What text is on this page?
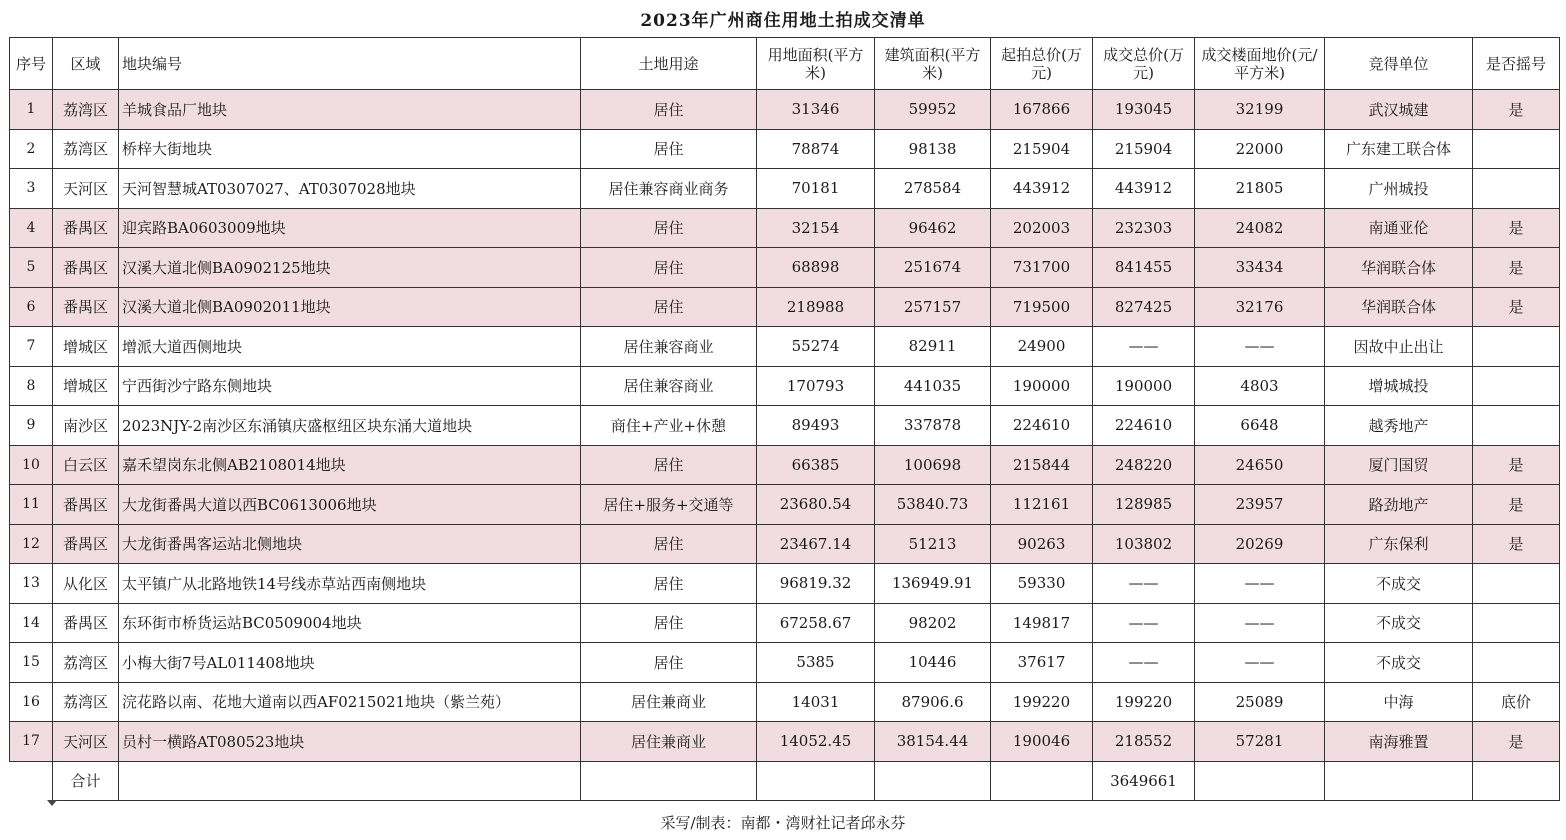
2023年广州商住用地土拍成交清单
序号	区域	地块编号	土地用途	用地面积(平方米)	建筑面积(平方米)	起拍总价(万元)	成交总价(万元)	成交楼面地价(元/平方米)	竞得单位	是否摇号
1	荔湾区	羊城食品厂地块	居住	31346	59952	167866	193045	32199	武汉城建	是
2	荔湾区	桥梓大街地块	居住	78874	98138	215904	215904	22000	广东建工联合体	
3	天河区	天河智慧城AT0307027、AT0307028地块	居住兼容商业商务	70181	278584	443912	443912	21805	广州城投	
4	番禺区	迎宾路BA0603009地块	居住	32154	96462	202003	232303	24082	南通亚伦	是
5	番禺区	汉溪大道北侧BA0902125地块	居住	68898	251674	731700	841455	33434	华润联合体	是
6	番禺区	汉溪大道北侧BA0902011地块	居住	218988	257157	719500	827425	32176	华润联合体	是
7	增城区	增派大道西侧地块	居住兼容商业	55274	82911	24900	——	——	因故中止出让	
8	增城区	宁西街沙宁路东侧地块	居住兼容商业	170793	441035	190000	190000	4803	增城城投	
9	南沙区	2023NJY-2南沙区东涌镇庆盛枢纽区块东涌大道地块	商住+产业+休憩	89493	337878	224610	224610	6648	越秀地产	
10	白云区	嘉禾望岗东北侧AB2108014地块	居住	66385	100698	215844	248220	24650	厦门国贸	是
11	番禺区	大龙街番禺大道以西BC0613006地块	居住+服务+交通等	23680.54	53840.73	112161	128985	23957	路劲地产	是
12	番禺区	大龙街番禺客运站北侧地块	居住	23467.14	51213	90263	103802	20269	广东保利	是
13	从化区	太平镇广从北路地铁14号线赤草站西南侧地块	居住	96819.32	136949.91	59330	——	——	不成交	
14	番禺区	东环街市桥货运站BC0509004地块	居住	67258.67	98202	149817	——	——	不成交	
15	荔湾区	小梅大街7号AL011408地块	居住	5385	10446	37617	——	——	不成交	
16	荔湾区	浣花路以南、花地大道南以西AF0215021地块（紫兰苑）	居住兼商业	14031	87906.6	199220	199220	25089	中海	底价
17	天河区	员村一横路AT080523地块	居住兼商业	14052.45	38154.44	190046	218552	57281	南海雅置	是
	合计						3649661			
采写/制表：南都・湾财社记者邱永芬
